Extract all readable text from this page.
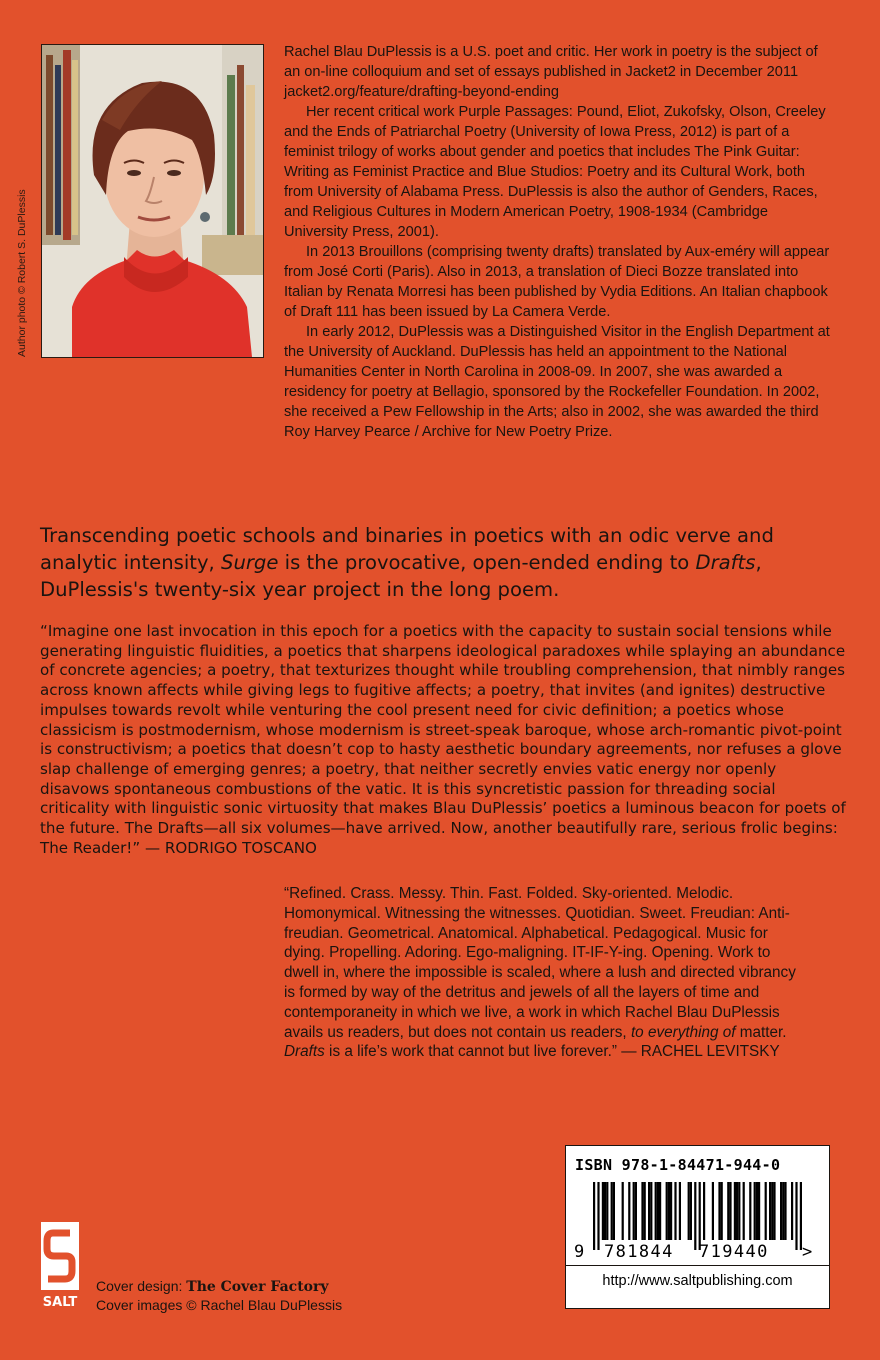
Author photo © Robert S. DuPlessis

Rachel Blau DuPlessis is a U.S. poet and critic. Her work in poetry is the subject of an on-line colloquium and set of essays published in Jacket2 in December 2011 jacket2.org/feature/drafting-beyond-ending

Her recent critical work Purple Passages: Pound, Eliot, Zukofsky, Olson, Creeley and the Ends of Patriarchal Poetry (University of Iowa Press, 2012) is part of a feminist trilogy of works about gender and poetics that includes The Pink Guitar: Writing as Feminist Practice and Blue Studios: Poetry and its Cultural Work, both from University of Alabama Press. DuPlessis is also the author of Genders, Races, and Religious Cultures in Modern American Poetry, 1908-1934 (Cambridge University Press, 2001).

In 2013 Brouillons (comprising twenty drafts) translated by Aux-eméry will appear from José Corti (Paris). Also in 2013, a translation of Dieci Bozze translated into Italian by Renata Morresi has been published by Vydia Editions. An Italian chapbook of Draft 111 has been issued by La Camera Verde.

In early 2012, DuPlessis was a Distinguished Visitor in the English Department at the University of Auckland. DuPlessis has held an appointment to the National Humanities Center in North Carolina in 2008-09. In 2007, she was awarded a residency for poetry at Bellagio, sponsored by the Rockefeller Foundation. In 2002, she received a Pew Fellowship in the Arts; also in 2002, she was awarded the third Roy Harvey Pearce / Archive for New Poetry Prize.

Transcending poetic schools and binaries in poetics with an odic verve and analytic intensity, Surge is the provocative, open-ended ending to Drafts, DuPlessis's twenty-six year project in the long poem.
“Imagine one last invocation in this epoch for a poetics with the capacity to sustain social tensions while generating linguistic fluidities, a poetics that sharpens ideological paradoxes while splaying an abundance of concrete agencies; a poetry, that texturizes thought while troubling comprehension, that nimbly ranges across known affects while giving legs to fugitive affects; a poetry, that invites (and ignites) destructive impulses towards revolt while venturing the cool present need for civic definition; a poetics whose classicism is postmodernism, whose modernism is street-speak baroque, whose arch-romantic pivot-point is constructivism; a poetics that doesn’t cop to hasty aesthetic boundary agreements, nor refuses a glove slap challenge of emerging genres; a poetry, that neither secretly envies vatic energy nor openly disavows spontaneous combustions of the vatic. It is this syncretistic passion for threading social criticality with linguistic sonic virtuosity that makes Blau DuPlessis’ poetics a luminous beacon for poets of the future. The Drafts—all six volumes—have arrived. Now, another beautifully rare, serious frolic begins: The Reader!” — RODRIGO TOSCANO
“Refined. Crass. Messy. Thin. Fast. Folded. Sky-oriented. Melodic. Homonymical. Witnessing the witnesses. Quotidian. Sweet. Freudian: Anti-freudian. Geometrical. Anatomical. Alphabetical. Pedagogical. Music for dying. Propelling. Adoring. Ego-maligning. IT-IF-Y-ing. Opening. Work to dwell in, where the impossible is scaled, where a lush and directed vibrancy is formed by way of the detritus and jewels of all the layers of time and contemporaneity in which we live, a work in which Rachel Blau DuPlessis avails us readers, but does not contain us readers, to everything of matter. Drafts is a life’s work that cannot but live forever.” — RACHEL LEVITSKY
9 781844 719440 >
ISBN 978-1-84471-944-0
http://www.saltpublishing.com
SALT
Cover design: The Cover Factory
Cover images © Rachel Blau DuPlessis
